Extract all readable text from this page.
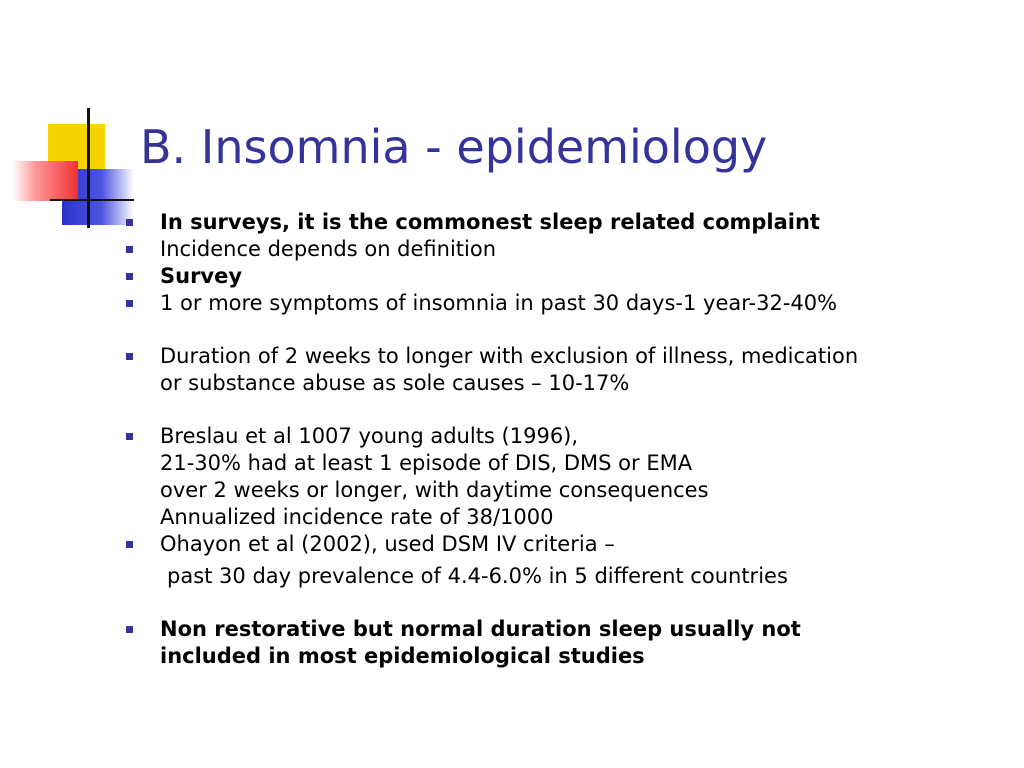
B. Insomnia - epidemiology
In surveys, it is the commonest sleep related complaint
Incidence depends on definition
Survey
1 or more symptoms of insomnia in past 30 days-1 year-32-40%
Duration of 2 weeks to longer with exclusion of illness, medication
or substance abuse as sole causes – 10-17%
Breslau et al 1007 young adults (1996),
21-30% had at least 1 episode of DIS, DMS or EMA
over 2 weeks or longer, with daytime consequences
Annualized incidence rate of 38/1000
Ohayon et al (2002), used DSM IV criteria –
past 30 day prevalence of 4.4-6.0% in 5 different countries
Non restorative but normal duration sleep usually not
included in most epidemiological studies
